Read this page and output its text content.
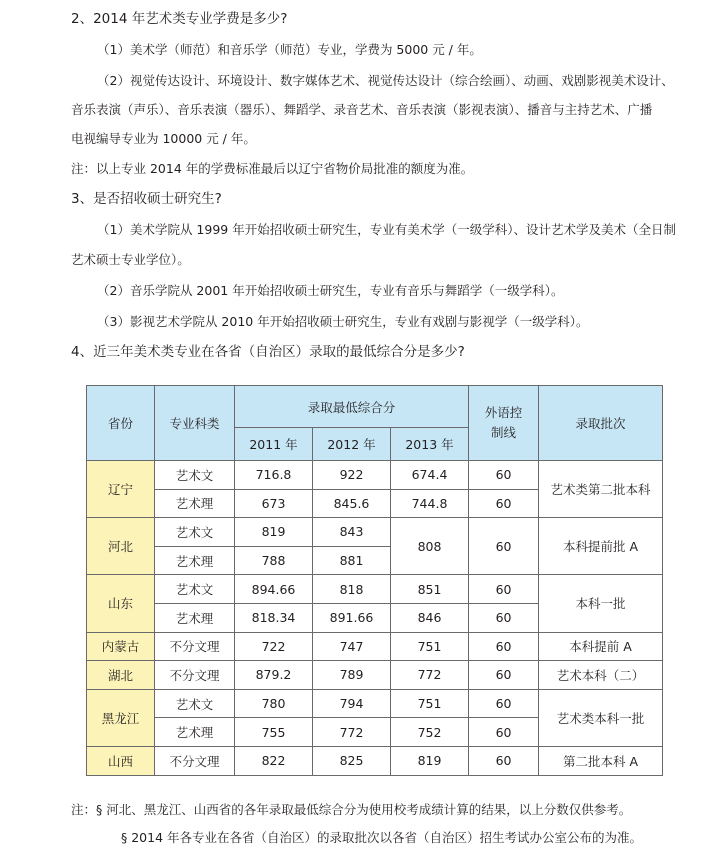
2、2014 年艺术类专业学费是多少?
（1）美术学（师范）和音乐学（师范）专业，学费为 5000 元 / 年。
（2）视觉传达设计、环境设计、数字媒体艺术、视觉传达设计（综合绘画）、动画、戏剧影视美术设计、
音乐表演（声乐）、音乐表演（器乐）、舞蹈学、录音艺术、音乐表演（影视表演）、播音与主持艺术、广播
电视编导专业为 10000 元 / 年。
注：以上专业 2014 年的学费标准最后以辽宁省物价局批准的额度为准。
3、是否招收硕士研究生?
（1）美术学院从 1999 年开始招收硕士研究生，专业有美术学（一级学科）、设计艺术学及美术（全日制
艺术硕士专业学位）。
（2）音乐学院从 2001 年开始招收硕士研究生，专业有音乐与舞蹈学（一级学科）。
（3）影视艺术学院从 2010 年开始招收硕士研究生，专业有戏剧与影视学（一级学科）。
4、近三年美术类专业在各省（自治区）录取的最低综合分是多少?
省份	专业科类	录取最低综合分			外语控制线	录取批次
		2011 年	2012 年	2013 年		
辽宁	艺术文	716.8	922	674.4	60	艺术类第二批本科
	艺术理	673	845.6	744.8	60	
河北	艺术文	819	843	808	60	本科提前批 A
	艺术理	788	881			
山东	艺术文	894.66	818	851	60	本科一批
	艺术理	818.34	891.66	846	60	
内蒙古	不分文理	722	747	751	60	本科提前 A
湖北	不分文理	879.2	789	772	60	艺术本科（二）
黑龙江	艺术文	780	794	751	60	艺术类本科一批
	艺术理	755	772	752	60	
山西	不分文理	822	825	819	60	第二批本科 A
注：§ 河北、黑龙江、山西省的各年录取最低综合分为使用校考成绩计算的结果，以上分数仅供参考。
§ 2014 年各专业在各省（自治区）的录取批次以各省（自治区）招生考试办公室公布的为准。
